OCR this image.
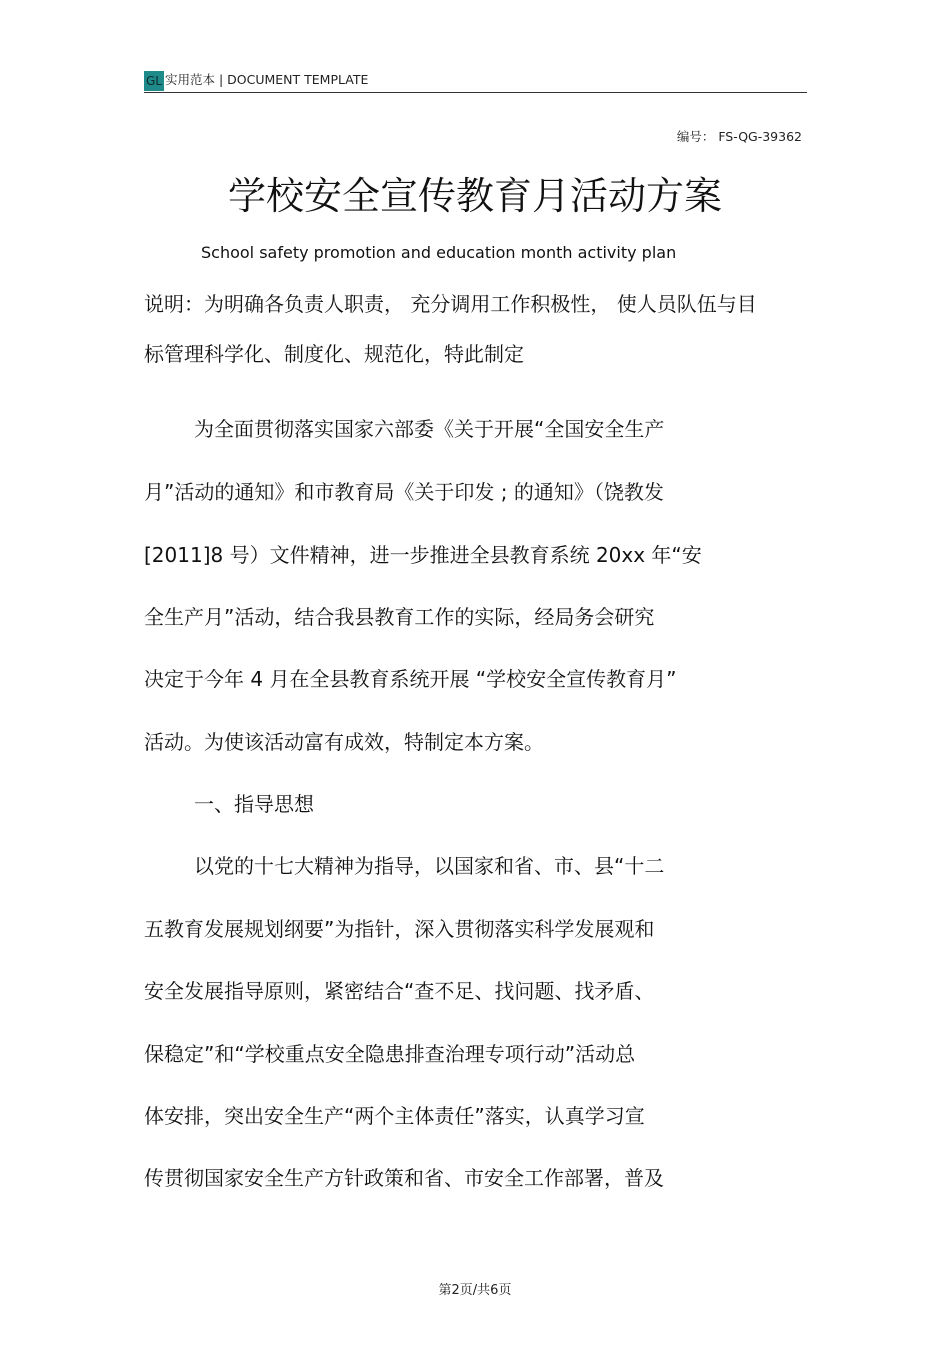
GL 实用范本 | DOCUMENT TEMPLATE
编号： FS-QG-39362
学校安全宣传教育月活动方案
School safety promotion and education month activity plan
说明：为明确各负责人职责， 充分调用工作积极性， 使人员队伍与目
标管理科学化、制度化、规范化，特此制定
为全面贯彻落实国家六部委《关于开展“全国安全生产
月”活动的通知》和市教育局《关于印发 ; 的通知》（饶教发
[2011]8 号）文件精神，进一步推进全县教育系统 20xx 年“安
全生产月”活动，结合我县教育工作的实际，经局务会研究
决定于今年 4 月在全县教育系统开展 “学校安全宣传教育月”
活动。为使该活动富有成效，特制定本方案。
一、指导思想
以党的十七大精神为指导，以国家和省、市、县“十二
五教育发展规划纲要”为指针，深入贯彻落实科学发展观和
安全发展指导原则，紧密结合“查不足、找问题、找矛盾、
保稳定”和“学校重点安全隐患排查治理专项行动”活动总
体安排，突出安全生产“两个主体责任”落实，认真学习宣
传贯彻国家安全生产方针政策和省、市安全工作部署，普及
第2页/共6页
